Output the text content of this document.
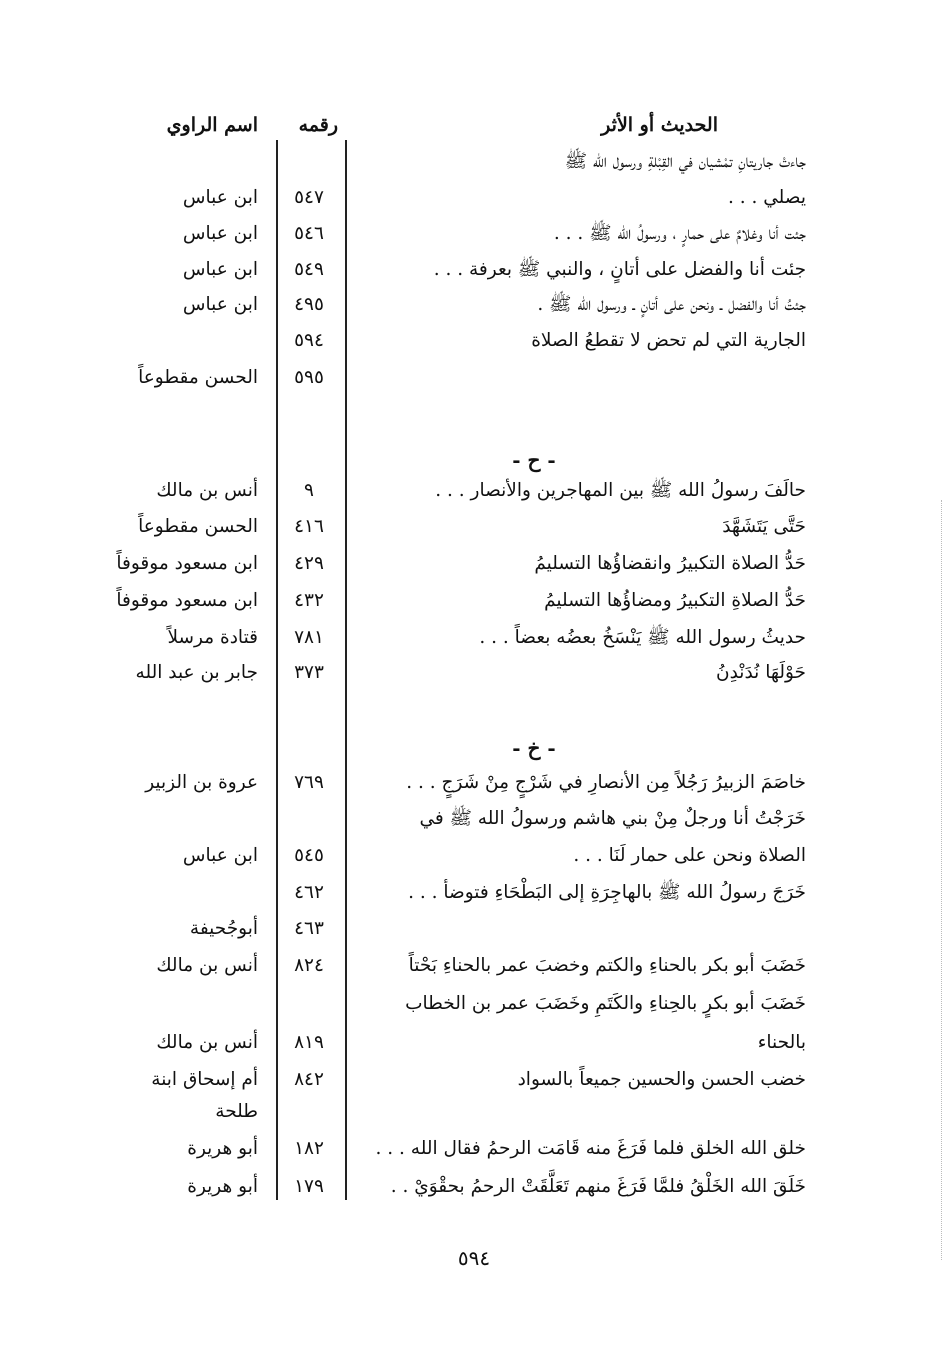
الحديث أو الأثر
رقمه
اسم الراوي
- ح -
- خ -
جاءتْ جاريتانِ تمْشيان في القِبْلةِ ورسول الله ﷺ
يصلي . . .
جئت أنا وغلامٌ على حمارٍ ، ورسولُ الله ﷺ . . .
جئت أنا والفضل على أتانٍ ، والنبي ﷺ بعرفة . . .
جئتُ أنا والفضل ـ ونحن على أتانٍ ـ ورسول الله ﷺ .
الجارية التي لم تحض لا تقطعُ الصلاة
حالَفَ رسولُ الله ﷺ بين المهاجرين والأنصار . . .
حَتَّى يَتَشَهَّدَ
حَدُّ الصلاة التكبيرُ وانقضاؤُها التسليمُ
حَدُّ الصلاةِ التكبيرُ ومضاؤُها التسليمُ
حديثُ رسول الله ﷺ يَنْسَخُ بعضُه بعضاً . . .
حَوْلَهَا نُدَنْدِنُ
خاصَمَ الزبيرُ رَجُلاً مِن الأنصارِ في شَرْجٍ مِنْ شَرَجٍ . . .
خَرَجْتُ أنا ورجلٌ مِنْ بني هاشم ورسولُ الله ﷺ في
الصلاة ونحن على حمار لَنَا . . .
خَرَجَ رسولُ الله ﷺ بالهاجِرَةِ إلى البَطْحَاءِ فتوضأ . . .
خَضَبَ أبو بكر بالحناءِ والكتم وخضبَ عمر بالحناءِ بَحْتاً
خَضَبَ أبو بكرٍ بالحِناءِ والكَتَمِ وخَضَبَ عمر بن الخطاب
بالحناء
خضب الحسن والحسين جميعاً بالسواد
خلق الله الخلق فلما فَرَغَ منه قَامَت الرحمُ فقال الله . . .
خَلَقَ الله الخَلْقُ فلمَّا فَرَغَ منهم تَعَلَّقَتْ الرحمُ بحقْوَيْ . .
٥٤٧
٥٤٦
٥٤٩
٤٩٥
٥٩٤
٥٩٥
٩
٤١٦
٤٢٩
٤٣٢
٧٨١
٣٧٣
٧٦٩
٥٤٥
٤٦٢
٤٦٣
٨٢٤
٨١٩
٨٤٢
١٨٢
١٧٩
ابن عباس
ابن عباس
ابن عباس
ابن عباس
الحسن مقطوعاً
أنس بن مالك
الحسن مقطوعاً
ابن مسعود موقوفاً
ابن مسعود موقوفاً
قتادة مرسلاً
جابر بن عبد الله
عروة بن الزبير
ابن عباس
أبوجُحيفة
أنس بن مالك
أنس بن مالك
أم إسحاق ابنة
طلحة
أبو هريرة
أبو هريرة
٥٩٤
